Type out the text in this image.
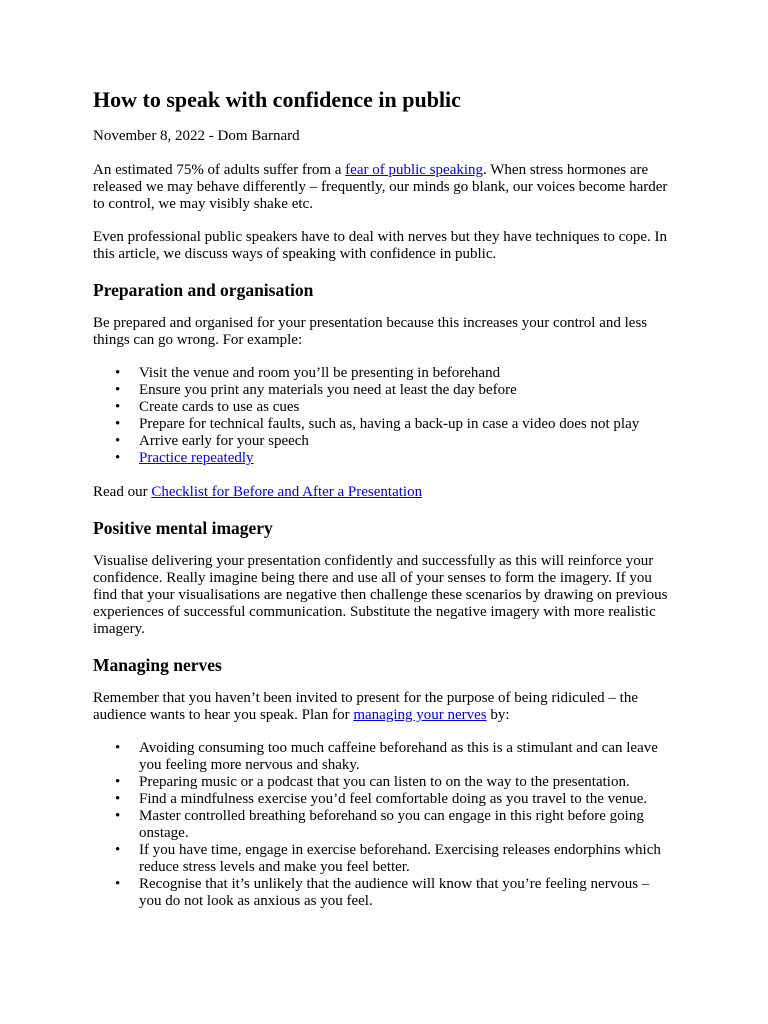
How to speak with confidence in public

November 8, 2022 - Dom Barnard

An estimated 75% of adults suffer from a fear of public speaking. When stress hormones are released we may behave differently – frequently, our minds go blank, our voices become harder to control, we may visibly shake etc.

Even professional public speakers have to deal with nerves but they have techniques to cope. In this article, we discuss ways of speaking with confidence in public.

Preparation and organisation

Be prepared and organised for your presentation because this increases your control and less things can go wrong. For example:

• Visit the venue and room you’ll be presenting in beforehand
• Ensure you print any materials you need at least the day before
• Create cards to use as cues
• Prepare for technical faults, such as, having a back-up in case a video does not play
• Arrive early for your speech
• Practice repeatedly

Read our Checklist for Before and After a Presentation

Positive mental imagery

Visualise delivering your presentation confidently and successfully as this will reinforce your confidence. Really imagine being there and use all of your senses to form the imagery. If you find that your visualisations are negative then challenge these scenarios by drawing on previous experiences of successful communication. Substitute the negative imagery with more realistic imagery.

Managing nerves

Remember that you haven’t been invited to present for the purpose of being ridiculed – the audience wants to hear you speak. Plan for managing your nerves by:

• Avoiding consuming too much caffeine beforehand as this is a stimulant and can leave you feeling more nervous and shaky.
• Preparing music or a podcast that you can listen to on the way to the presentation.
• Find a mindfulness exercise you’d feel comfortable doing as you travel to the venue.
• Master controlled breathing beforehand so you can engage in this right before going onstage.
• If you have time, engage in exercise beforehand. Exercising releases endorphins which reduce stress levels and make you feel better.
• Recognise that it’s unlikely that the audience will know that you’re feeling nervous – you do not look as anxious as you feel.
